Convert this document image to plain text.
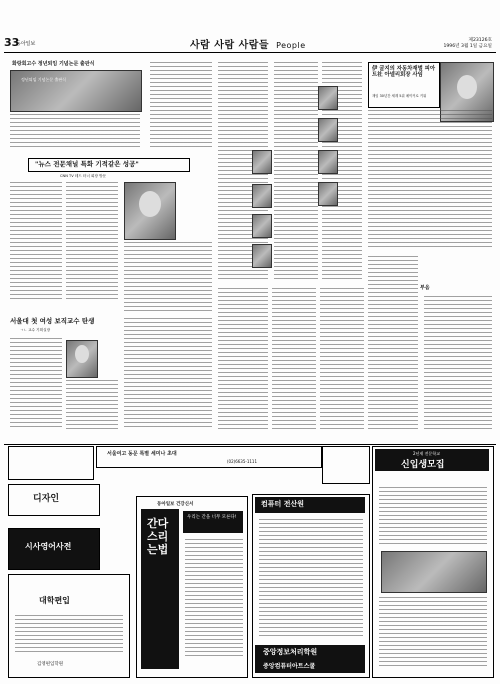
33
동아일보	사람 사람 사람들 People
제23126호
1996년 3월 1일 금요일
화랑회고수 정년퇴임 기념논문 출판식
정년퇴임 기념논문 출판식
"뉴스 전문채널 특화 기적같은 성공"
CNN TV 테드 터너 회장 방문
서울대 첫 여성 보직교수 탄생
ㄱㄴ 교수 기획실장
伊 굴지의 자동차재벌 피아트社 아넬리회장 사임
재임 30년간 세계 5위 메이커로 키워
부음
서울여고 동문 특별 세미나 초대
(02)6635-1111
2년제 전문학교
신입생모집
디자인
시사영어사전
대학편입
김영편입학원
동아일보 건강신서
간다스리는법
우리는 간을 너무 모른다!
컴퓨터 전산원
중앙정보처리학원
중앙컴퓨터아트스쿨
